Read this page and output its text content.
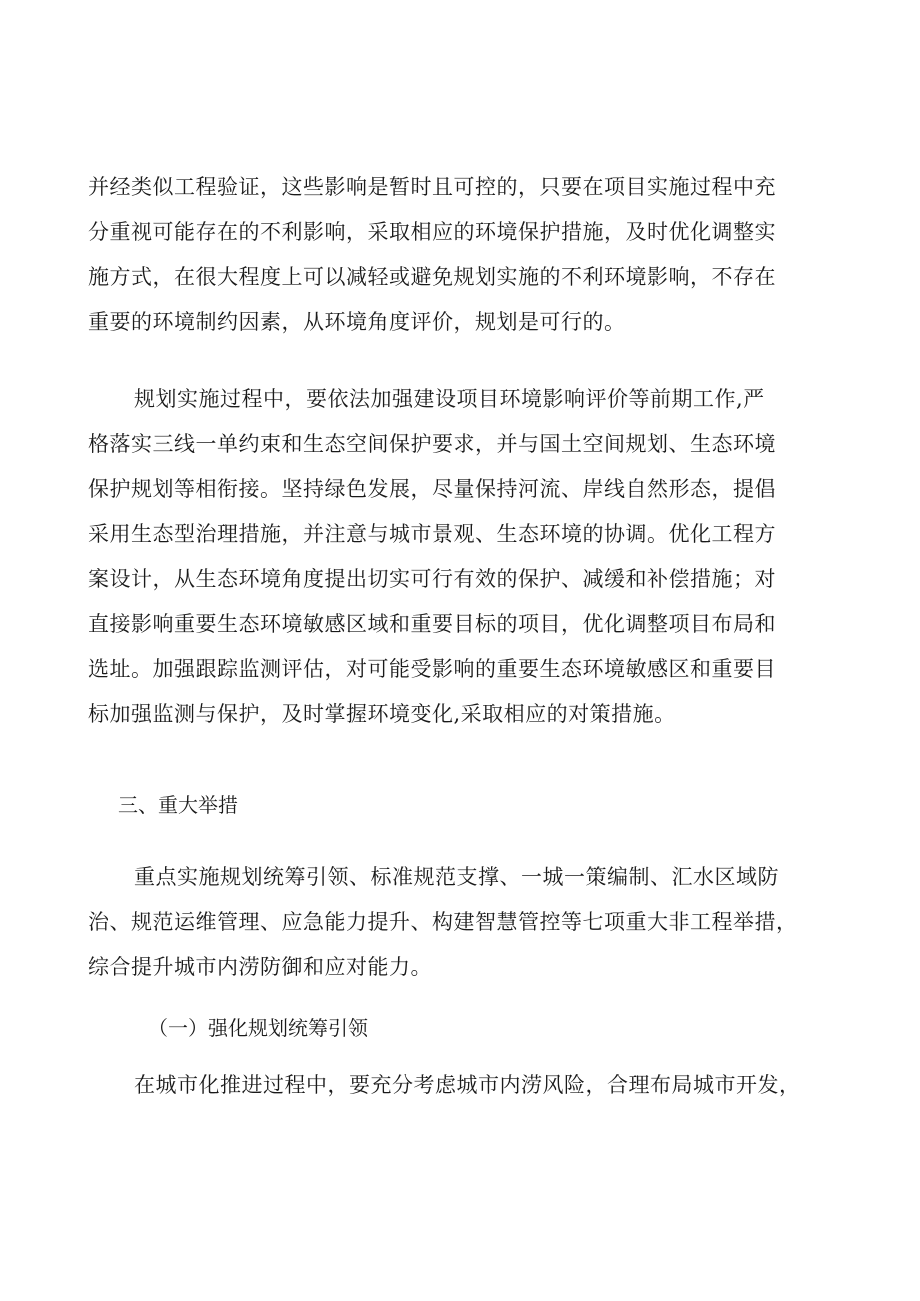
并经类似工程验证，这些影响是暂时且可控的，只要在项目实施过程中充
分重视可能存在的不利影响，采取相应的环境保护措施，及时优化调整实
施方式，在很大程度上可以减轻或避免规划实施的不利环境影响，不存在
重要的环境制约因素，从环境角度评价，规划是可行的。
规划实施过程中，要依法加强建设项目环境影响评价等前期工作,严
格落实三线一单约束和生态空间保护要求，并与国土空间规划、生态环境
保护规划等相衔接。坚持绿色发展，尽量保持河流、岸线自然形态，提倡
采用生态型治理措施，并注意与城市景观、生态环境的协调。优化工程方
案设计，从生态环境角度提出切实可行有效的保护、减缓和补偿措施；对
直接影响重要生态环境敏感区域和重要目标的项目，优化调整项目布局和
选址。加强跟踪监测评估，对可能受影响的重要生态环境敏感区和重要目
标加强监测与保护，及时掌握环境变化,采取相应的对策措施。
三、重大举措
重点实施规划统筹引领、标准规范支撑、一城一策编制、汇水区域防
治、规范运维管理、应急能力提升、构建智慧管控等七项重大非工程举措，
综合提升城市内涝防御和应对能力。
（一）强化规划统筹引领
在城市化推进过程中，要充分考虑城市内涝风险，合理布局城市开发，
